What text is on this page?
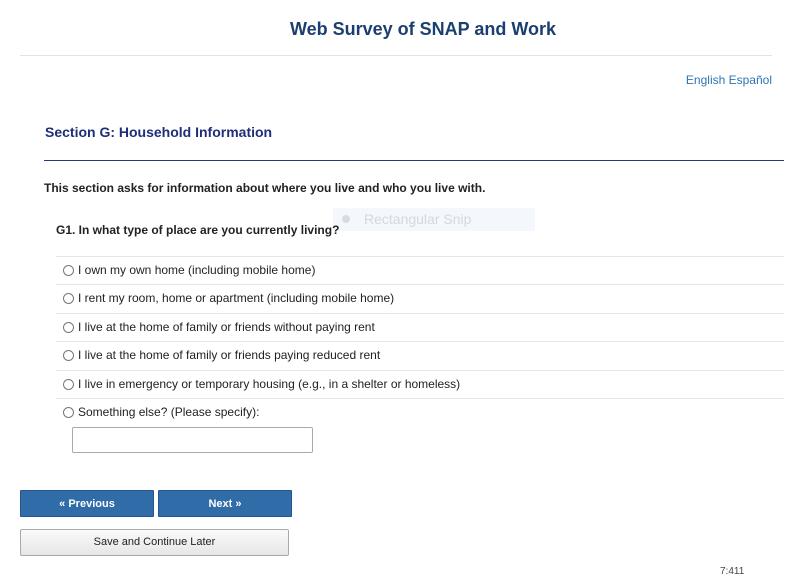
Web Survey of SNAP and Work
English Español
Section G: Household Information
This section asks for information about where you live and who you live with.
Rectangular Snip
G1. In what type of place are you currently living?
I own my own home (including mobile home)
I rent my room, home or apartment (including mobile home)
I live at the home of family or friends without paying rent
I live at the home of family or friends paying reduced rent
I live in emergency or temporary housing (e.g., in a shelter or homeless)
Something else? (Please specify):
« Previous	Next »
Save and Continue Later
7:411
